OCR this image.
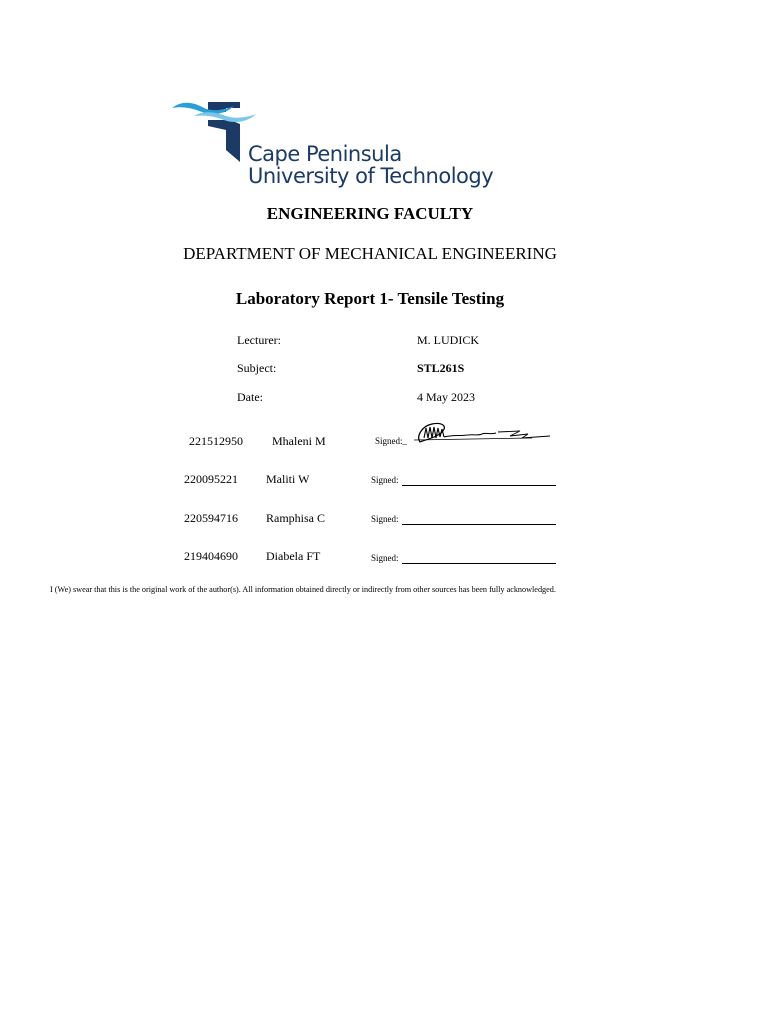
Cape Peninsula
University of Technology
ENGINEERING FACULTY
DEPARTMENT OF MECHANICAL ENGINEERING
Laboratory Report 1- Tensile Testing
Lecturer:	M. LUDICK
Subject:	STL261S
Date:	4 May 2023
221512950 Mhaleni M	Signed:_
220095221 Maliti W	Signed:
220594716 Ramphisa C	Signed:
219404690 Diabela FT	Signed:
I (We) swear that this is the original work of the author(s). All information obtained directly or indirectly from other sources has been fully acknowledged.
